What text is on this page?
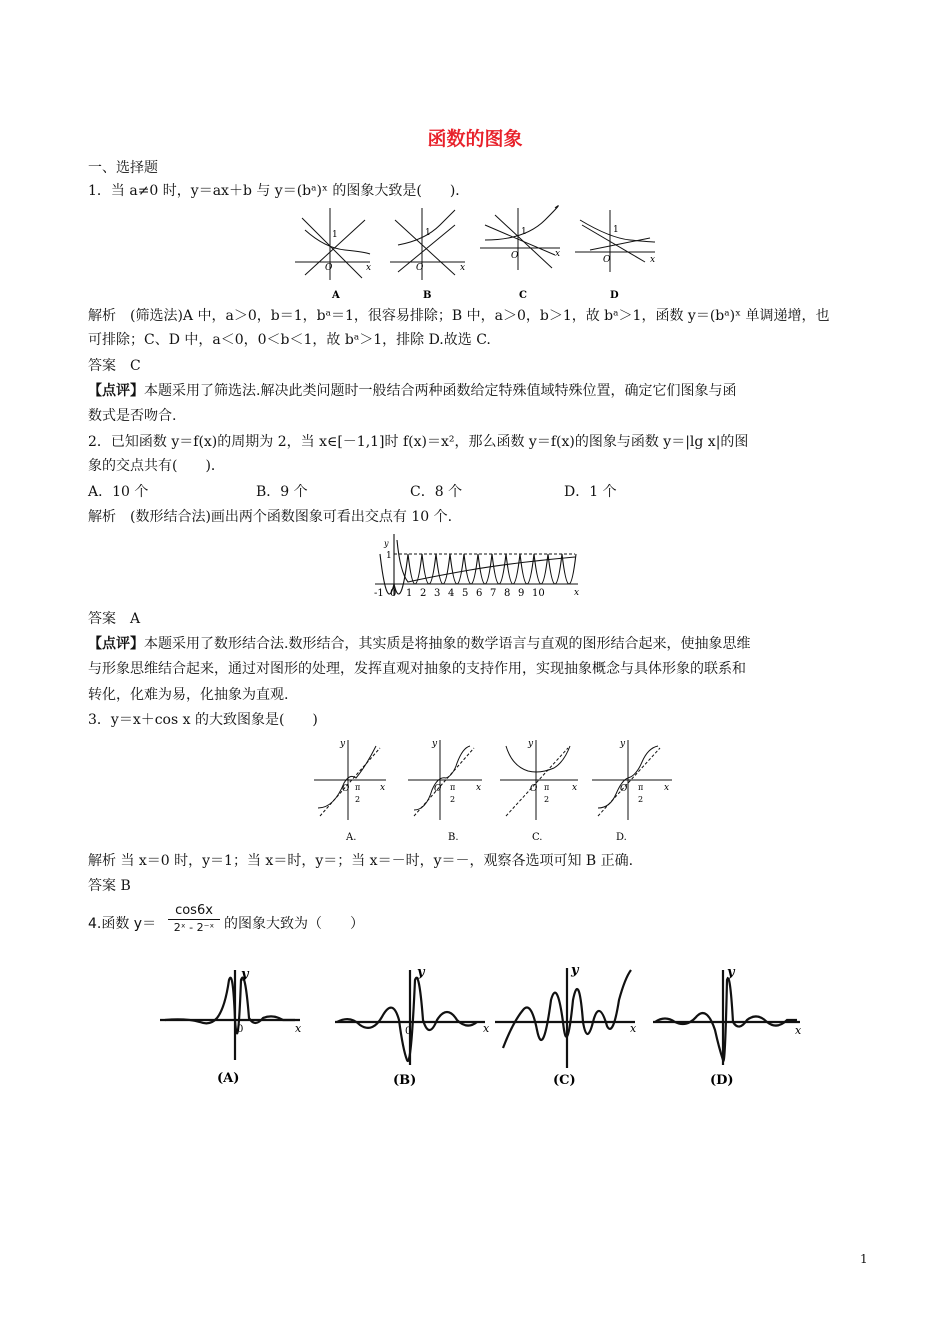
函数的图象
一、选择题
1．当 a≠0 时，y＝ax＋b 与 y＝(bᵃ)ˣ 的图象大致是(　　)．
O
1
x
A
O
1
x
B
O
1
x
C
O
1
x
D
解析　(筛选法)A 中，a＞0，b＝1，bᵃ＝1，很容易排除；B 中，a＞0，b＞1，故 bᵃ＞1，函数 y＝(bᵃ)ˣ 单调递增，也
可排除；C、D 中，a＜0，0＜b＜1，故 bᵃ＞1，排除 D.故选 C.
答案　C
【点评】本题采用了筛选法.解决此类问题时一般结合两种函数给定特殊值域特殊位置，确定它们图象与函
数式是否吻合.
2．已知函数 y＝f(x)的周期为 2，当 x∈[－1,1]时 f(x)＝x²，那么函数 y＝f(x)的图象与函数 y＝|lg x|的图
象的交点共有(　　)．
A．10 个	B．9 个	C．8 个	D．1 个
解析　(数形结合法)画出两个函数图象可看出交点有 10 个.
y
1
x
-1 0 1 2 3 4 5 6 7 8 9 10
答案　A
【点评】本题采用了数形结合法.数形结合，其实质是将抽象的数学语言与直观的图形结合起来，使抽象思维
与形象思维结合起来，通过对图形的处理，发挥直观对抽象的支持作用，实现抽象概念与具体形象的联系和
转化，化难为易，化抽象为直观.
3．y＝x＋cos x 的大致图象是(　　)
y
O π
2
x
A.
y
O π
2
x
B.
y
O π
2
x
C.
y
O π
2
x
D.
解析 当 x＝0 时，y＝1；当 x＝时，y＝；当 x＝－时，y＝－，观察各选项可知 B 正确.
答案 B
4.函数 y＝
cos6x
2ˣ - 2⁻ˣ 的图象大致为（　　）
y
x
0
(A)
y
x
0
(B)
y
x
(C)
y
x
(D)
1
